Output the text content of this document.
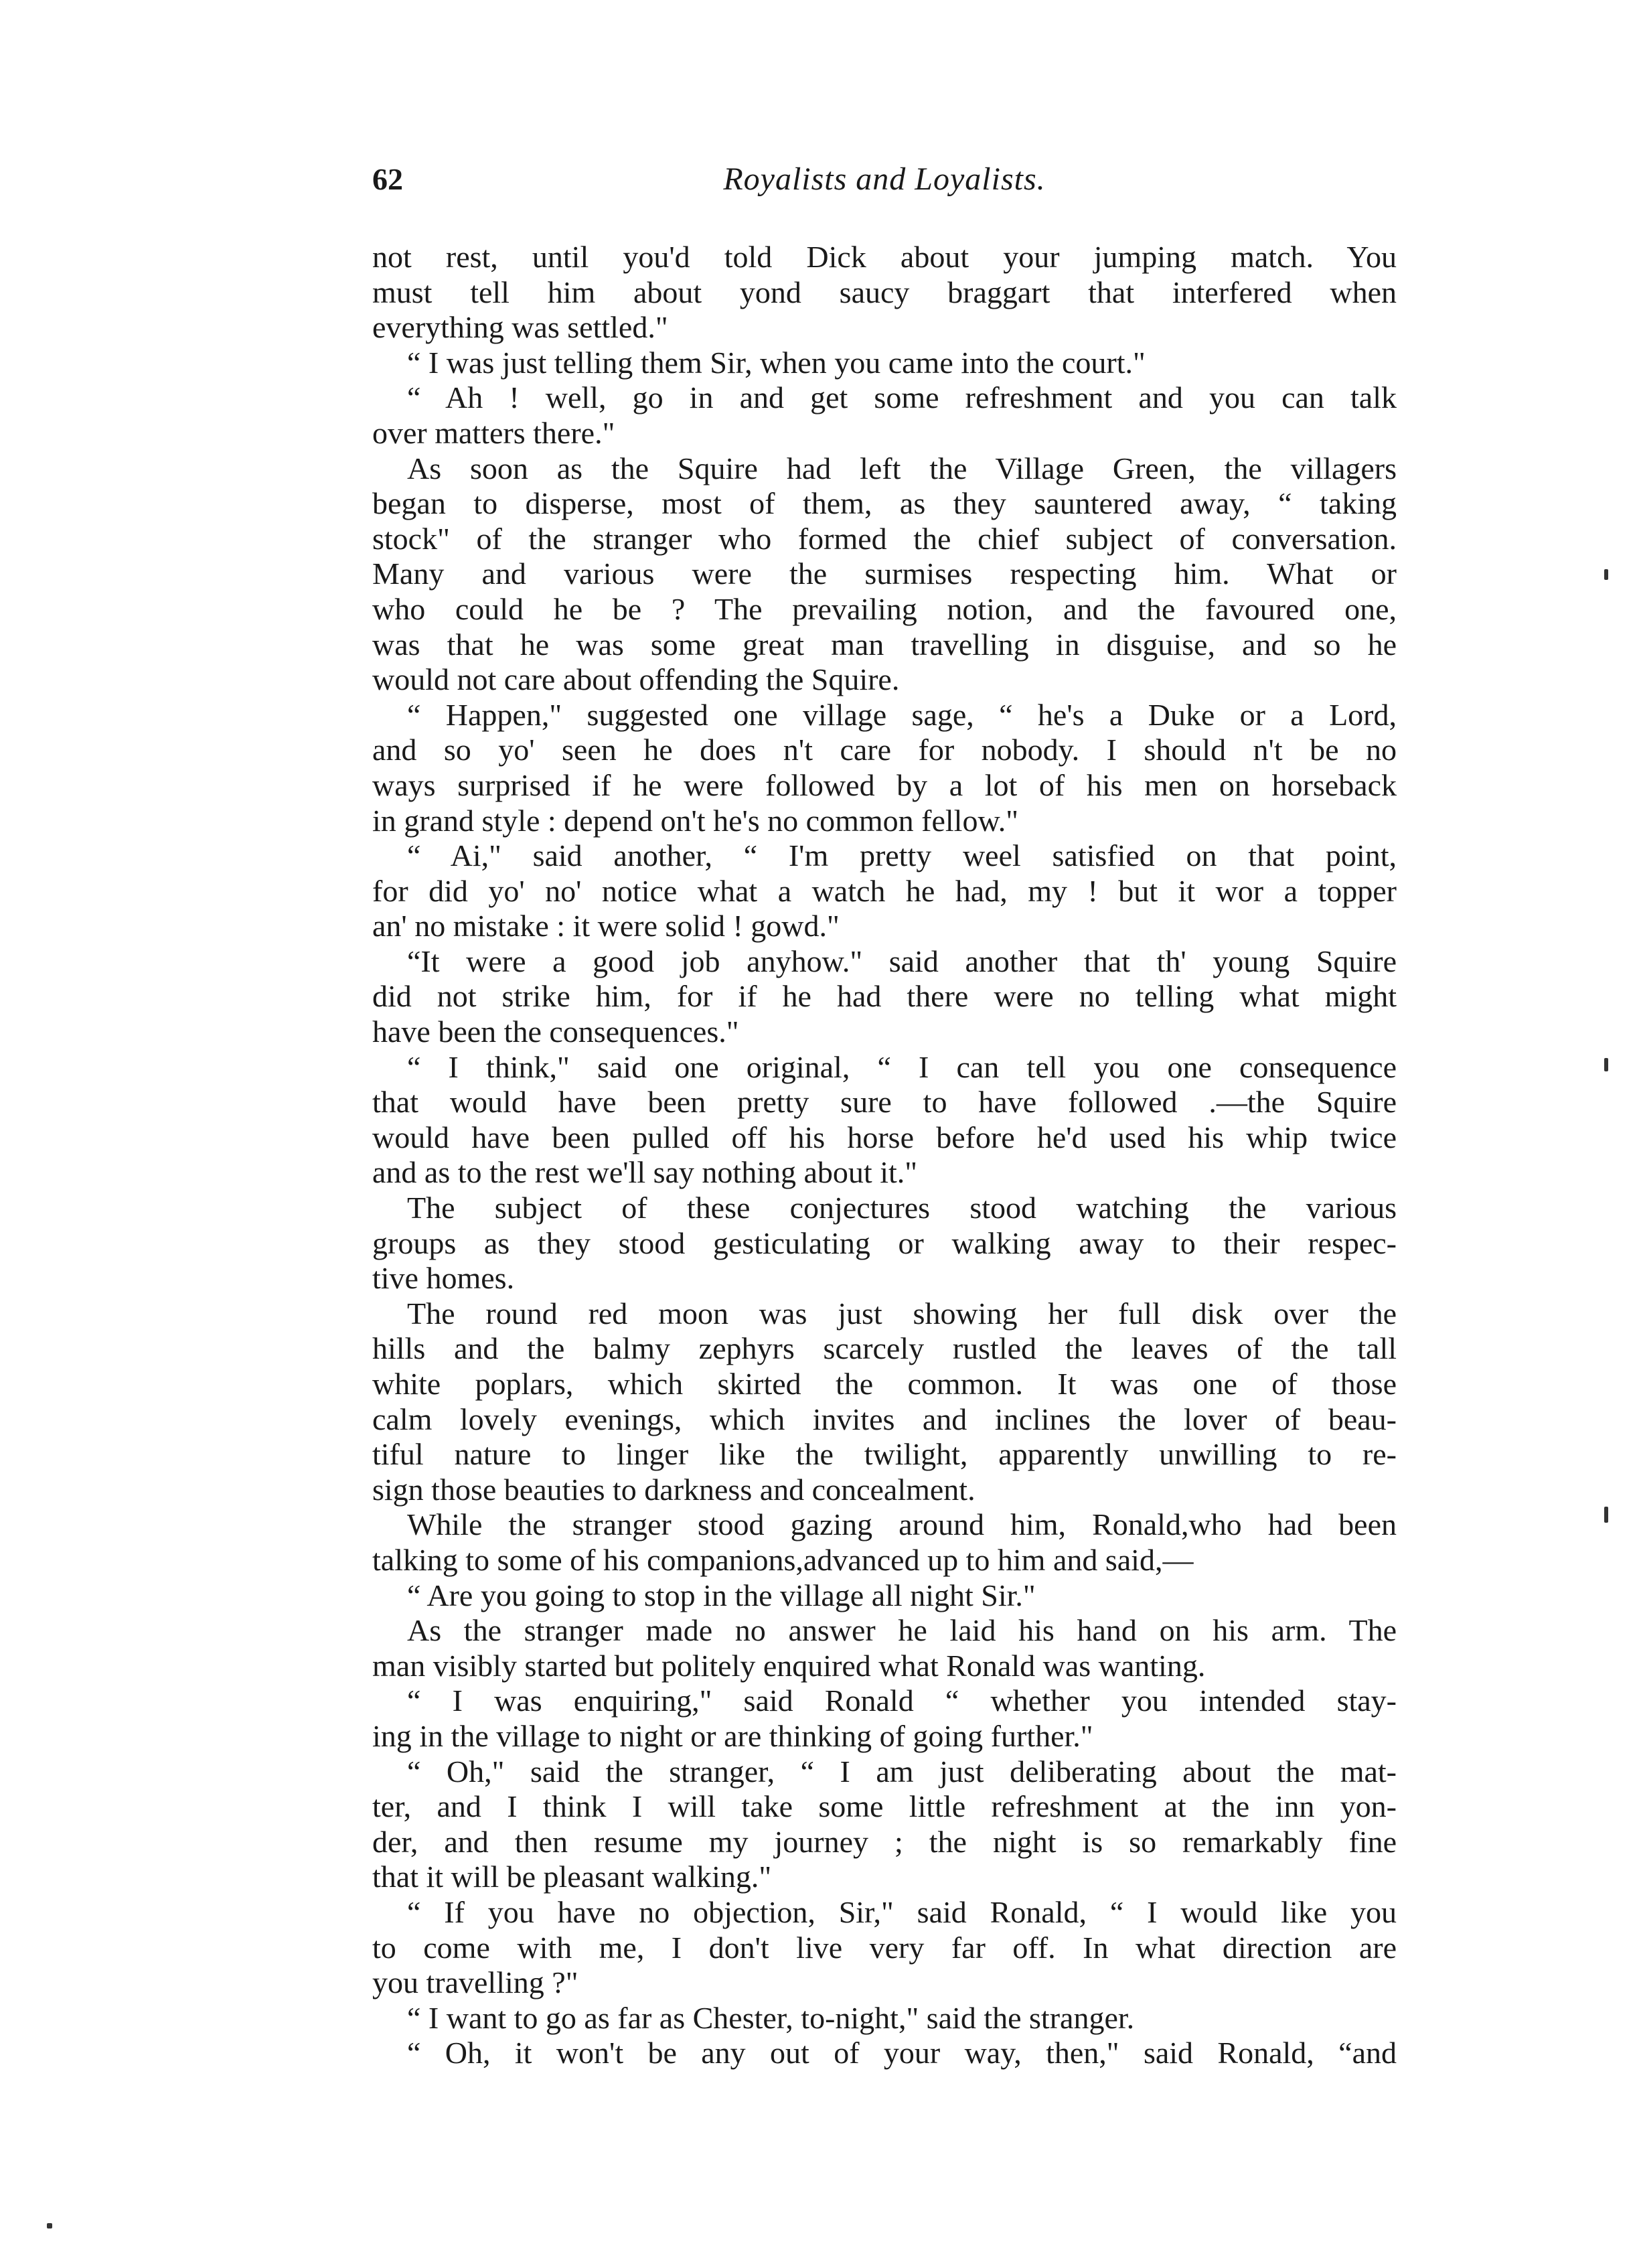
62	Royalists and Loyalists.
not rest, until you'd told Dick about your jumping match. You
must tell him about yond saucy braggart that interfered when
everything was settled."
“ I was just telling them Sir, when you came into the court."
“ Ah ! well, go in and get some refreshment and you can talk
over matters there."
As soon as the Squire had left the Village Green, the villagers
began to disperse, most of them, as they sauntered away, “ taking
stock" of the stranger who formed the chief subject of conversation.
Many and various were the surmises respecting him. What or
who could he be ? The prevailing notion, and the favoured one,
was that he was some great man travelling in disguise, and so he
would not care about offending the Squire.
“ Happen," suggested one village sage, “ he's a Duke or a Lord,
and so yo' seen he does n't care for nobody. I should n't be no
ways surprised if he were followed by a lot of his men on horseback
in grand style : depend on't he's no common fellow."
“ Ai," said another, “ I'm pretty weel satisfied on that point,
for did yo' no' notice what a watch he had, my ! but it wor a topper
an' no mistake : it were solid ! gowd."
“It were a good job anyhow." said another that th' young Squire
did not strike him, for if he had there were no telling what might
have been the consequences."
“ I think," said one original, “ I can tell you one consequence
that would have been pretty sure to have followed .—the Squire
would have been pulled off his horse before he'd used his whip twice
and as to the rest we'll say nothing about it."
The subject of these conjectures stood watching the various
groups as they stood gesticulating or walking away to their respec-
tive homes.
The round red moon was just showing her full disk over the
hills and the balmy zephyrs scarcely rustled the leaves of the tall
white poplars, which skirted the common. It was one of those
calm lovely evenings, which invites and inclines the lover of beau-
tiful nature to linger like the twilight, apparently unwilling to re-
sign those beauties to darkness and concealment.
While the stranger stood gazing around him, Ronald,who had been
talking to some of his companions,advanced up to him and said,—
“ Are you going to stop in the village all night Sir."
As the stranger made no answer he laid his hand on his arm. The
man visibly started but politely enquired what Ronald was wanting.
“ I was enquiring," said Ronald “ whether you intended stay-
ing in the village to night or are thinking of going further."
“ Oh," said the stranger, “ I am just deliberating about the mat-
ter, and I think I will take some little refreshment at the inn yon-
der, and then resume my journey ; the night is so remarkably fine
that it will be pleasant walking."
“ If you have no objection, Sir," said Ronald, “ I would like you
to come with me, I don't live very far off. In what direction are
you travelling ?"
“ I want to go as far as Chester, to-night," said the stranger.
“ Oh, it won't be any out of your way, then," said Ronald, “and
